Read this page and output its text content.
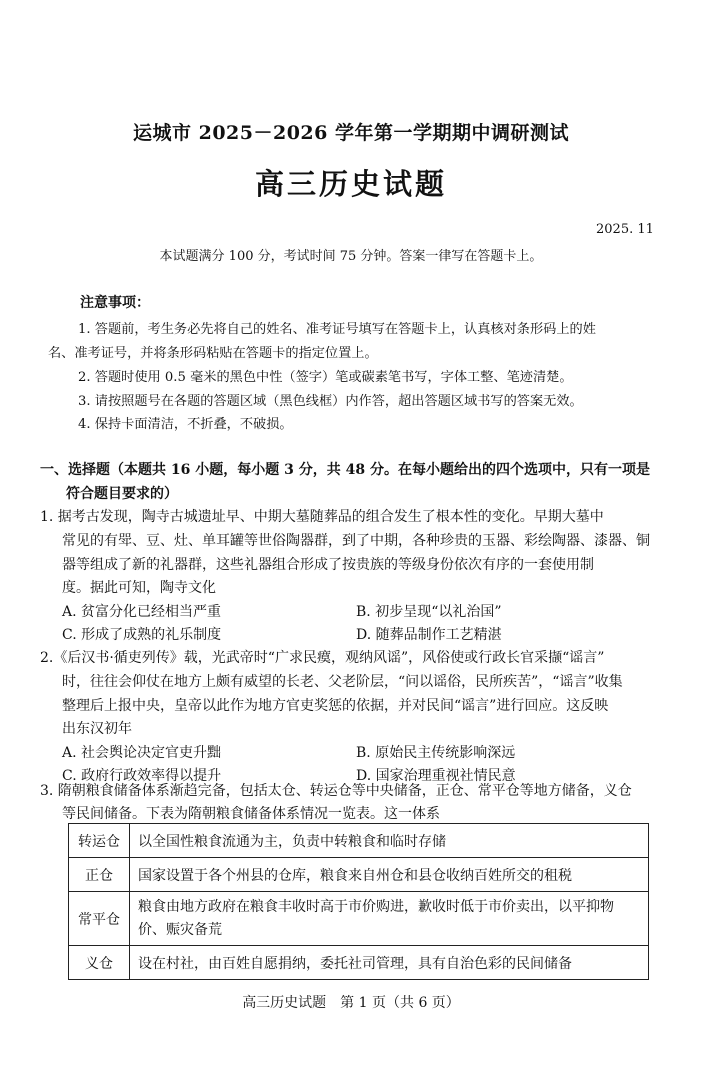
运城市 2025－2026 学年第一学期期中调研测试
高三历史试题
2025. 11
本试题满分 100 分，考试时间 75 分钟。答案一律写在答题卡上。
注意事项：
1. 答题前，考生务必先将自己的姓名、准考证号填写在答题卡上，认真核对条形码上的姓
名、准考证号，并将条形码粘贴在答题卡的指定位置上。
2. 答题时使用 0.5 毫米的黑色中性（签字）笔或碳素笔书写，字体工整、笔迹清楚。
3. 请按照题号在各题的答题区域（黑色线框）内作答，超出答题区域书写的答案无效。
4. 保持卡面清洁，不折叠，不破损。
一、选择题（本题共 16 小题，每小题 3 分，共 48 分。在每小题给出的四个选项中，只有一项是
符合题目要求的）
1. 据考古发现，陶寺古城遗址早、中期大墓随葬品的组合发生了根本性的变化。早期大墓中
常见的有斝、豆、灶、单耳罐等世俗陶器群，到了中期，各种珍贵的玉器、彩绘陶器、漆器、铜
器等组成了新的礼器群，这些礼器组合形成了按贵族的等级身份依次有序的一套使用制
度。据此可知，陶寺文化
A. 贫富分化已经相当严重	B. 初步呈现“以礼治国”
C. 形成了成熟的礼乐制度	D. 随葬品制作工艺精湛
2.《后汉书·循吏列传》载，光武帝时“广求民瘼，观纳风谣”，风俗使或行政长官采撷“谣言”
时，往往会仰仗在地方上颇有威望的长老、父老阶层，“问以谣俗，民所疾苦”，“谣言”收集
整理后上报中央，皇帝以此作为地方官吏奖惩的依据，并对民间“谣言”进行回应。这反映
出东汉初年
A. 社会舆论决定官吏升黜	B. 原始民主传统影响深远
C. 政府行政效率得以提升	D. 国家治理重视社情民意
3. 隋朝粮食储备体系渐趋完备，包括太仓、转运仓等中央储备，正仓、常平仓等地方储备，义仓
等民间储备。下表为隋朝粮食储备体系情况一览表。这一体系
转运仓	以全国性粮食流通为主，负责中转粮食和临时存储
正仓	国家设置于各个州县的仓库，粮食来自州仓和县仓收纳百姓所交的租税
常平仓	粮食由地方政府在粮食丰收时高于市价购进，歉收时低于市价卖出，以平抑物价、赈灾备荒
义仓	设在村社，由百姓自愿捐纳，委托社司管理，具有自治色彩的民间储备
高三历史试题　第 1 页（共 6 页）
